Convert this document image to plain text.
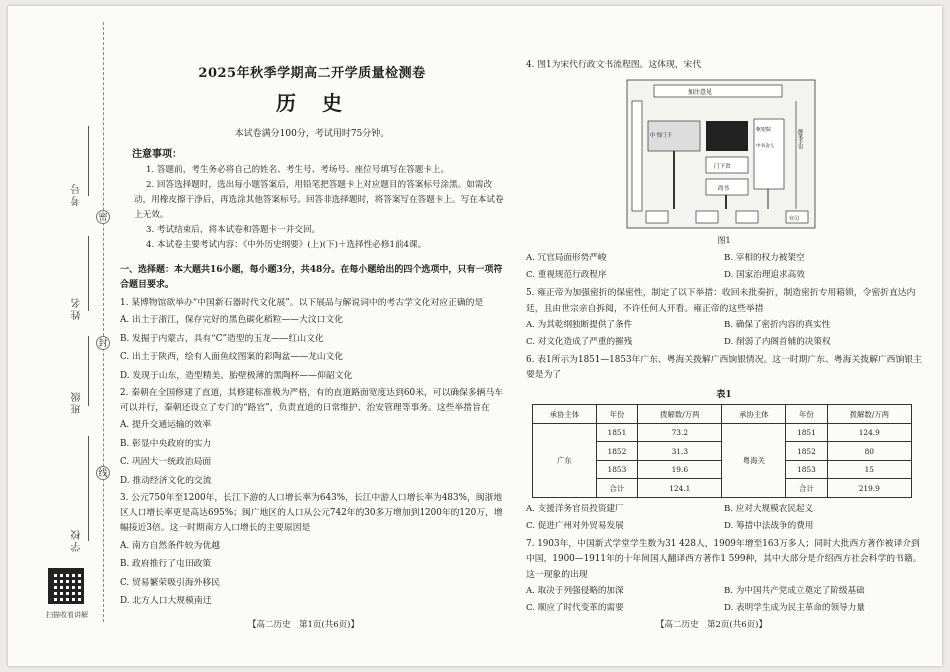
考号
姓名
班级
学校
密
封
线
扫描收看讲解
2025年秋季学期高二开学质量检测卷
历史
本试卷满分100分，考试用时75分钟。
注意事项：
1. 答题前，考生务必将自己的姓名、考生号、考场号、座位号填写在答题卡上。
2. 回答选择题时，选出每小题答案后，用铅笔把答题卡上对应题目的答案标号涂黑。如需改动，用橡皮擦干净后，再选涂其他答案标号。回答非选择题时，将答案写在答题卡上。写在本试卷上无效。
3. 考试结束后，将本试卷和答题卡一并交回。
4. 本试卷主要考试内容：《中外历史纲要》(上)(下)＋选择性必修1前4课。
一、选择题：本大题共16小题，每小题3分，共48分。在每小题给出的四个选项中，只有一项符合题目要求。
1. 某博物馆欲举办“中国新石器时代文化展”。以下展品与解说词中的考古学文化对应正确的是
A. 出土于浙江，保存完好的黑色碳化稻粒——大汶口文化
B. 发掘于内蒙古，具有“C”造型的玉龙——红山文化
C. 出土于陕西，绘有人面鱼纹图案的彩陶盆——龙山文化
D. 发现于山东，造型精美、胎壁极薄的黑陶杯——仰韶文化
2. 秦朝在全国修建了直道，其修建标准极为严格，有的直道路面宽度达到60米，可以确保多辆马车可以并行，秦朝还设立了专门的“路官”，负责直道的日常维护、治安管理等事务。这些举措旨在
A. 提升交通运输的效率
B. 彰显中央政府的实力
C. 巩固大一统政治局面
D. 推动经济文化的交流
3. 公元750年至1200年，长江下游的人口增长率为643%，长江中游人口增长率为483%，闽浙地区人口增长率更是高达695%；闽广地区的人口从公元742年的30多万增加到1200年的120万，增幅接近3倍。这一时期南方人口增长的主要原因是
A. 南方自然条件较为优越
B. 政府推行了屯田政策
C. 贸易繁荣吸引海外移民
D. 北方人口大规模南迁
【高二历史　第1页(共6页)】
4. 图1为宋代行政文书流程图。这体现，宋代
加注意见
中书门下
枢密院
中书舍人
门下省
尚书
官司
御笔手诏
图1
A. 冗官局面形势严峻	B. 宰相的权力被架空
C. 重视规范行政程序	D. 国家治理追求高效
5. 雍正帝为加强密折的保密性，制定了以下举措：收回未批奏折，制造密折专用箱锁，令密折直达内廷，且由世宗亲自拆阅，不许任何人开看。雍正帝的这些举措
A. 为其乾纲独断提供了条件	B. 确保了密折内容的真实性
C. 对文化造成了严重的摧残	D. 削弱了内阁首辅的决策权
6. 表1所示为1851—1853年广东、粤海关拨解广西饷银情况。这一时期广东、粤海关拨解广西饷银主要是为了
表1
承协主体	年份	拨解数/万两	承协主体	年份	拨解数/万两
广东	1851	73.2	粤海关	1851	124.9
	1852	31.3		1852	80
	1853	19.6		1853	15
	合计	124.1		合计	219.9
A. 支援洋务官员投资建厂	B. 应对大规模农民起义
C. 促进广州对外贸易发展	D. 筹措中法战争的费用
7. 1903年，中国新式学堂学生数为31 428人，1909年增至163万多人；同时大批西方著作被译介到中国，1900—1911年的十年间国人翻译西方著作1 599种，其中大部分是介绍西方社会科学的书籍。这一现象的出现
A. 取决于列强侵略的加深	B. 为中国共产党成立奠定了阶级基础
C. 顺应了时代变革的需要	D. 表明学生成为民主革命的领导力量
【高二历史　第2页(共6页)】
